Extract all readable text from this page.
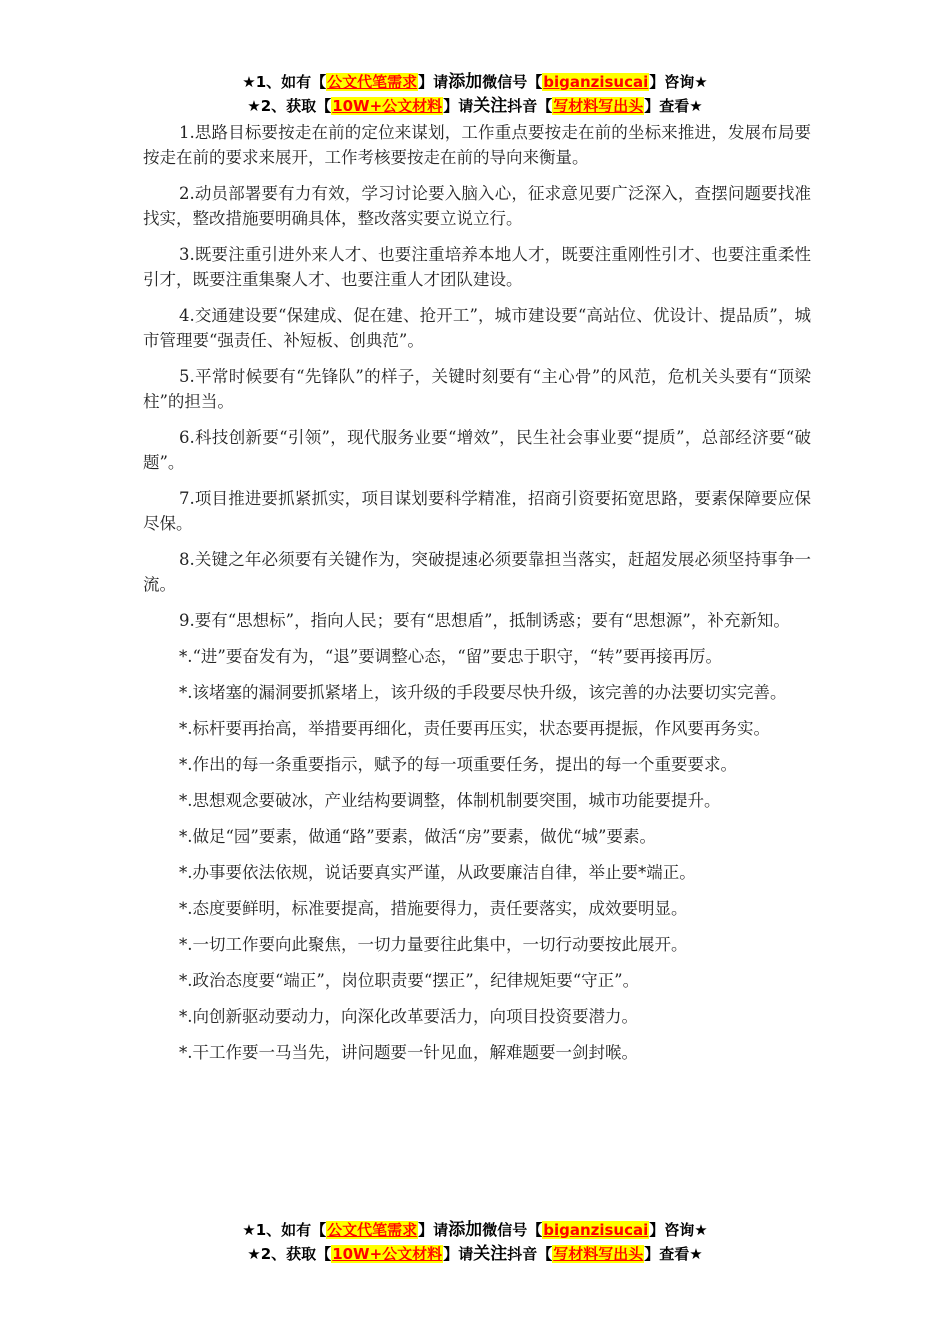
★1、如有【公文代笔需求】请添加微信号【biganzisucai】咨询★
★2、获取【10W+公文材料】请关注抖音【写材料写出头】查看★

1.思路目标要按走在前的定位来谋划，工作重点要按走在前的坐标来推进，发展布局要按走在前的要求来展开，工作考核要按走在前的导向来衡量。

2.动员部署要有力有效，学习讨论要入脑入心，征求意见要广泛深入，查摆问题要找准找实，整改措施要明确具体，整改落实要立说立行。

3.既要注重引进外来人才、也要注重培养本地人才，既要注重刚性引才、也要注重柔性引才，既要注重集聚人才、也要注重人才团队建设。

4.交通建设要“保建成、促在建、抢开工”，城市建设要“高站位、优设计、提品质”，城市管理要“强责任、补短板、创典范”。

5.平常时候要有“先锋队”的样子，关键时刻要有“主心骨”的风范，危机关头要有“顶梁柱”的担当。

6.科技创新要“引领”，现代服务业要“增效”，民生社会事业要“提质”，总部经济要“破题”。

7.项目推进要抓紧抓实，项目谋划要科学精准，招商引资要拓宽思路，要素保障要应保尽保。

8.关键之年必须要有关键作为，突破提速必须要靠担当落实，赶超发展必须坚持事争一流。

9.要有“思想标”，指向人民；要有“思想盾”，抵制诱惑；要有“思想源”，补充新知。

*.“进”要奋发有为，“退”要调整心态，“留”要忠于职守，“转”要再接再厉。

*.该堵塞的漏洞要抓紧堵上，该升级的手段要尽快升级，该完善的办法要切实完善。

*.标杆要再抬高，举措要再细化，责任要再压实，状态要再提振，作风要再务实。

*.作出的每一条重要指示，赋予的每一项重要任务，提出的每一个重要要求。

*.思想观念要破冰，产业结构要调整，体制机制要突围，城市功能要提升。

*.做足“园”要素，做通“路”要素，做活“房”要素，做优“城”要素。

*.办事要依法依规，说话要真实严谨，从政要廉洁自律，举止要*端正。

*.态度要鲜明，标准要提高，措施要得力，责任要落实，成效要明显。

*.一切工作要向此聚焦，一切力量要往此集中，一切行动要按此展开。

*.政治态度要“端正”，岗位职责要“摆正”，纪律规矩要“守正”。

*.向创新驱动要动力，向深化改革要活力，向项目投资要潜力。

*.干工作要一马当先，讲问题要一针见血，解难题要一剑封喉。

★1、如有【公文代笔需求】请添加微信号【biganzisucai】咨询★
★2、获取【10W+公文材料】请关注抖音【写材料写出头】查看★
